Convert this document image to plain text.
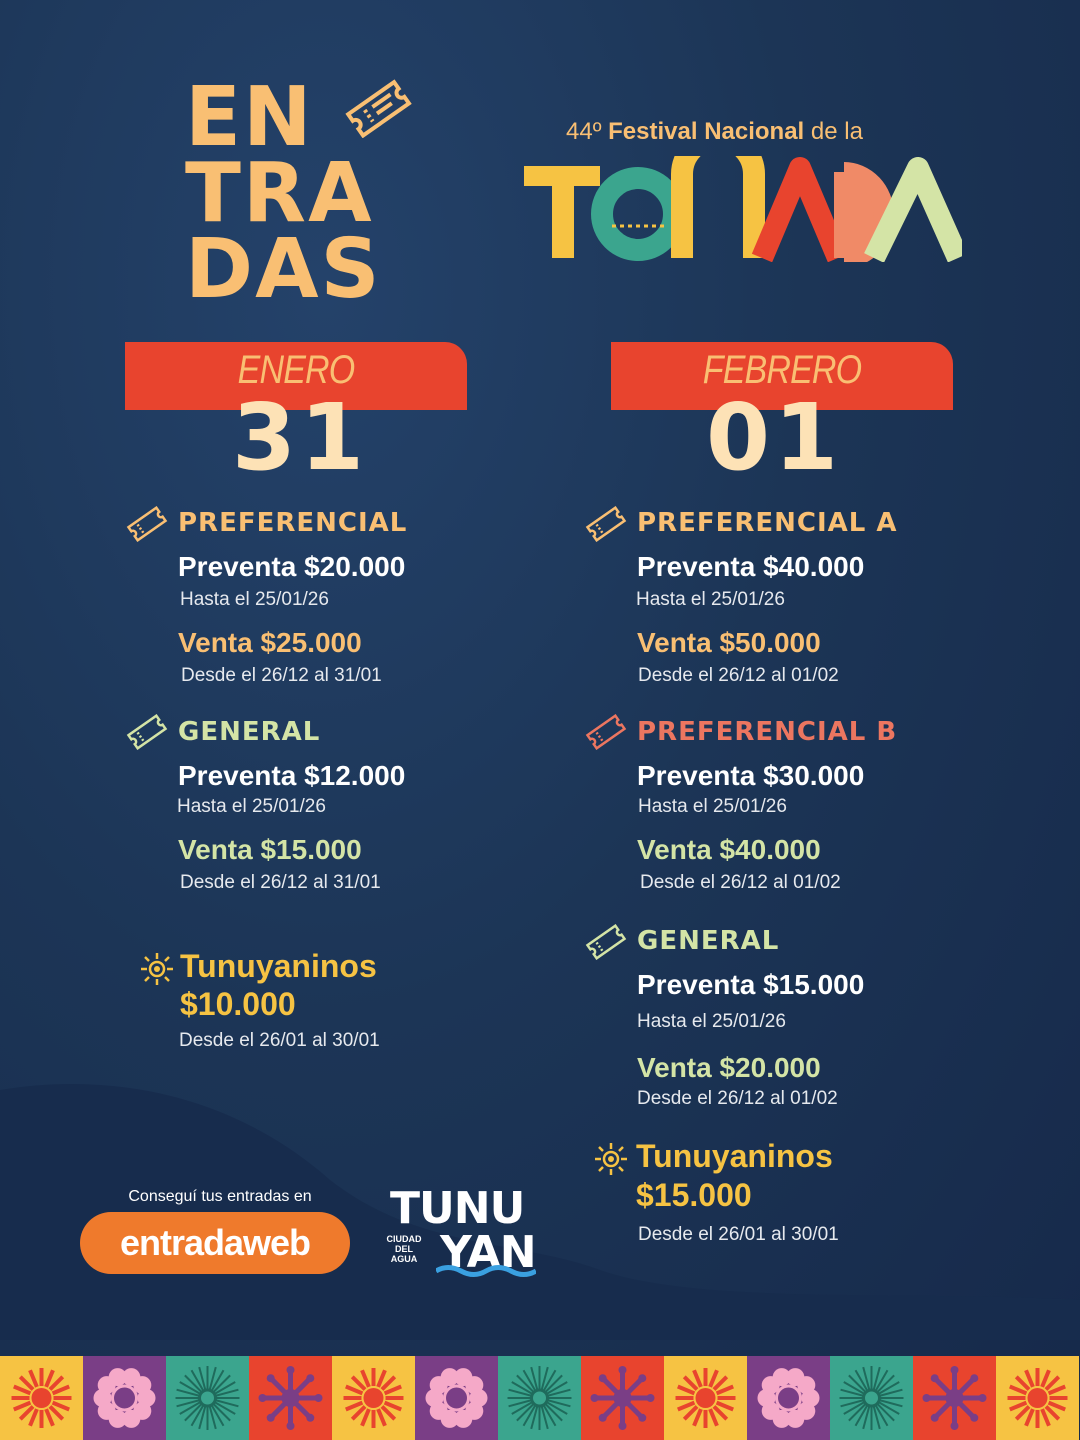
EN
TRA
DAS
44º Festival Nacional de la
ENERO
31
FEBRERO
01
PREFERENCIAL
Preventa $20.000
Hasta el 25/01/26
Venta $25.000
Desde el 26/12 al 31/01
GENERAL
Preventa $12.000
Hasta el 25/01/26
Venta $15.000
Desde el 26/12 al 31/01
Tunuyaninos
$10.000
Desde el 26/01 al 30/01
PREFERENCIAL A
Preventa $40.000
Hasta el 25/01/26
Venta $50.000
Desde el 26/12 al 01/02
PREFERENCIAL B
Preventa $30.000
Hasta el 25/01/26
Venta $40.000
Desde el 26/12 al 01/02
GENERAL
Preventa $15.000
Hasta el 25/01/26
Venta $20.000
Desde el 26/12 al 01/02
Tunuyaninos
$15.000
Desde el 26/01 al 30/01
Conseguí tus entradas en
entradaweb
TUNU
CIUDAD
DEL
AGUA YAN
